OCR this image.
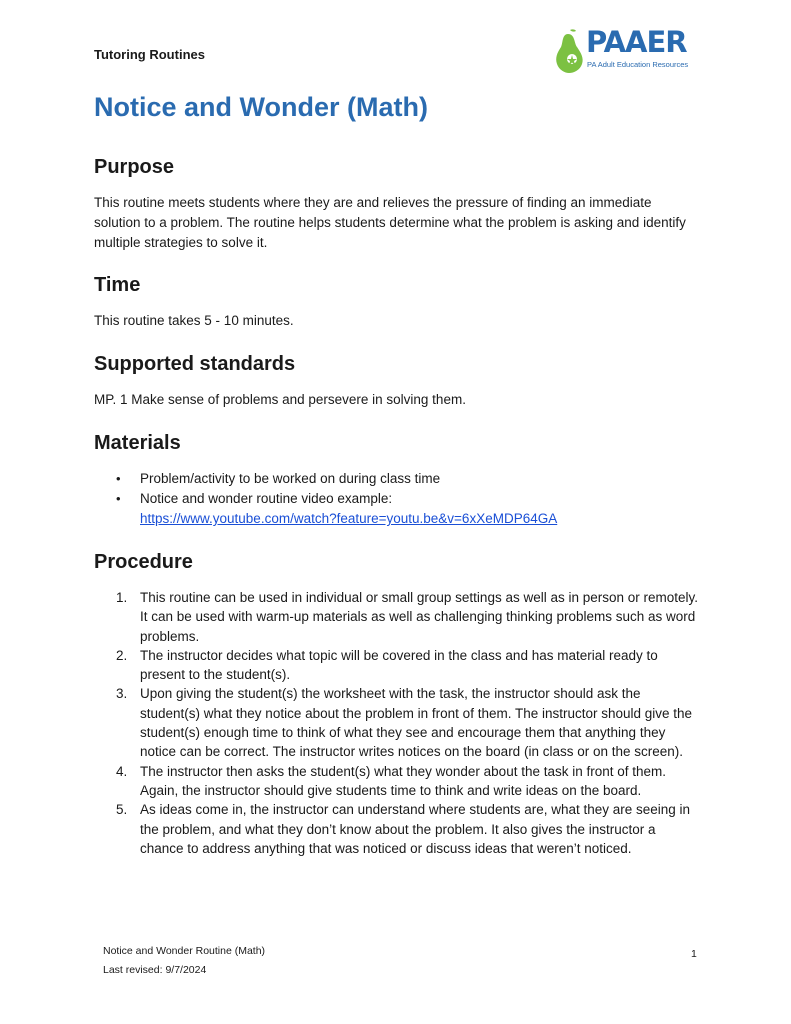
Tutoring Routines	PAAER
PA Adult Education Resources
Notice and Wonder (Math)
Purpose

This routine meets students where they are and relieves the pressure of finding an immediate solution to a problem. The routine helps students determine what the problem is asking and identify multiple strategies to solve it.

Time

This routine takes 5 - 10 minutes.

Supported standards

MP. 1 Make sense of problems and persevere in solving them.

Materials
• Problem/activity to be worked on during class time
• Notice and wonder routine video example:
https://www.youtube.com/watch?feature=youtu.be&v=6xXeMDP64GA
Procedure
1. This routine can be used in individual or small group settings as well as in person or remotely. It can be used with warm-up materials as well as challenging thinking problems such as word problems.
2. The instructor decides what topic will be covered in the class and has material ready to present to the student(s).
3. Upon giving the student(s) the worksheet with the task, the instructor should ask the student(s) what they notice about the problem in front of them. The instructor should give the student(s) enough time to think of what they see and encourage them that anything they notice can be correct. The instructor writes notices on the board (in class or on the screen).
4. The instructor then asks the student(s) what they wonder about the task in front of them. Again, the instructor should give students time to think and write ideas on the board.
5. As ideas come in, the instructor can understand where students are, what they are seeing in the problem, and what they don’t know about the problem. It also gives the instructor a chance to address anything that was noticed or discuss ideas that weren’t noticed.
Notice and Wonder Routine (Math)
Last revised: 9/7/2024
1
